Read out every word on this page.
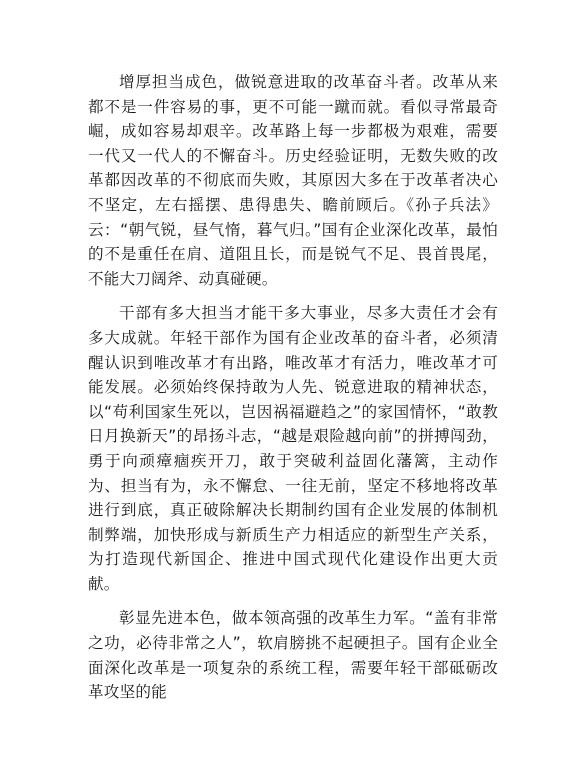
增厚担当成色，做锐意进取的改革奋斗者。改革从来都不是一件容易的事，更不可能一蹴而就。看似寻常最奇崛，成如容易却艰辛。改革路上每一步都极为艰难，需要一代又一代人的不懈奋斗。历史经验证明，无数失败的改革都因改革的不彻底而失败，其原因大多在于改革者决心不坚定，左右摇摆、患得患失、瞻前顾后。《孙子兵法》云：“朝气锐，昼气惰，暮气归。”国有企业深化改革，最怕的不是重任在肩、道阻且长，而是锐气不足、畏首畏尾，不能大刀阔斧、动真碰硬。

干部有多大担当才能干多大事业，尽多大责任才会有多大成就。年轻干部作为国有企业改革的奋斗者，必须清醒认识到唯改革才有出路，唯改革才有活力，唯改革才可能发展。必须始终保持敢为人先、锐意进取的精神状态，以“苟利国家生死以，岂因祸福避趋之”的家国情怀，“敢教日月换新天”的昂扬斗志，“越是艰险越向前”的拼搏闯劲，勇于向顽瘴痼疾开刀，敢于突破利益固化藩篱，主动作为、担当有为，永不懈怠、一往无前，坚定不移地将改革进行到底，真正破除解决长期制约国有企业发展的体制机制弊端，加快形成与新质生产力相适应的新型生产关系，为打造现代新国企、推进中国式现代化建设作出更大贡献。

彰显先进本色，做本领高强的改革生力军。“盖有非常之功，必待非常之人”，软肩膀挑不起硬担子。国有企业全面深化改革是一项复杂的系统工程，需要年轻干部砥砺改革攻坚的能
